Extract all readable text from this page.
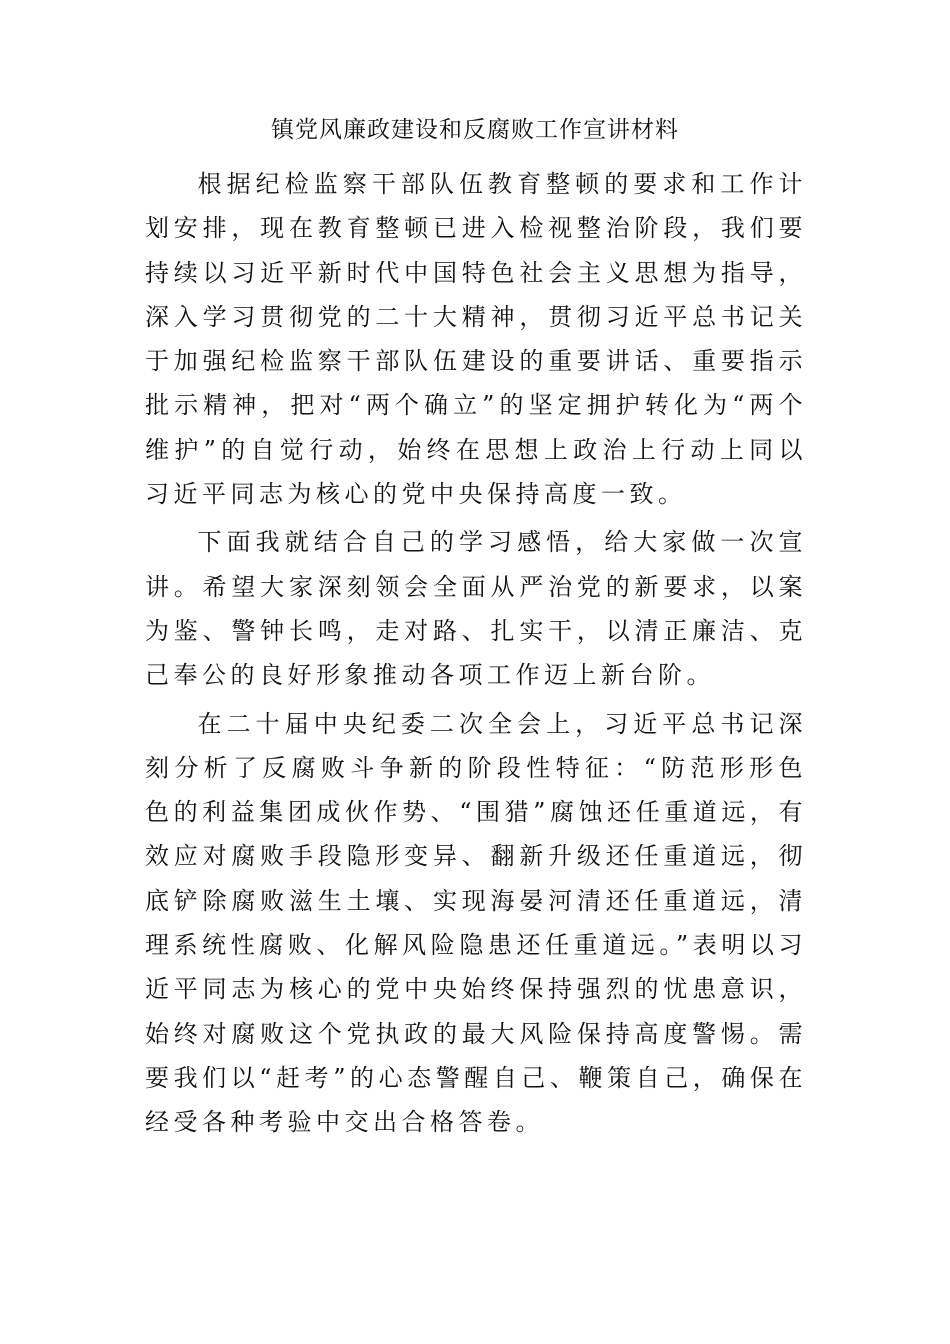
镇党风廉政建设和反腐败工作宣讲材料

根据纪检监察干部队伍教育整顿的要求和工作计划安排，现在教育整顿已进入检视整治阶段，我们要持续以习近平新时代中国特色社会主义思想为指导，深入学习贯彻党的二十大精神，贯彻习近平总书记关于加强纪检监察干部队伍建设的重要讲话、重要指示批示精神，把对“两个确立”的坚定拥护转化为“两个维护”的自觉行动，始终在思想上政治上行动上同以习近平同志为核心的党中央保持高度一致。

下面我就结合自己的学习感悟，给大家做一次宣讲。希望大家深刻领会全面从严治党的新要求，以案为鉴、警钟长鸣，走对路、扎实干，以清正廉洁、克己奉公的良好形象推动各项工作迈上新台阶。

在二十届中央纪委二次全会上，习近平总书记深刻分析了反腐败斗争新的阶段性特征：“防范形形色色的利益集团成伙作势、“围猎”腐蚀还任重道远，有效应对腐败手段隐形变异、翻新升级还任重道远，彻底铲除腐败滋生土壤、实现海晏河清还任重道远，清理系统性腐败、化解风险隐患还任重道远。”表明以习近平同志为核心的党中央始终保持强烈的忧患意识，始终对腐败这个党执政的最大风险保持高度警惕。需要我们以“赶考”的心态警醒自己、鞭策自己，确保在经受各种考验中交出合格答卷。
